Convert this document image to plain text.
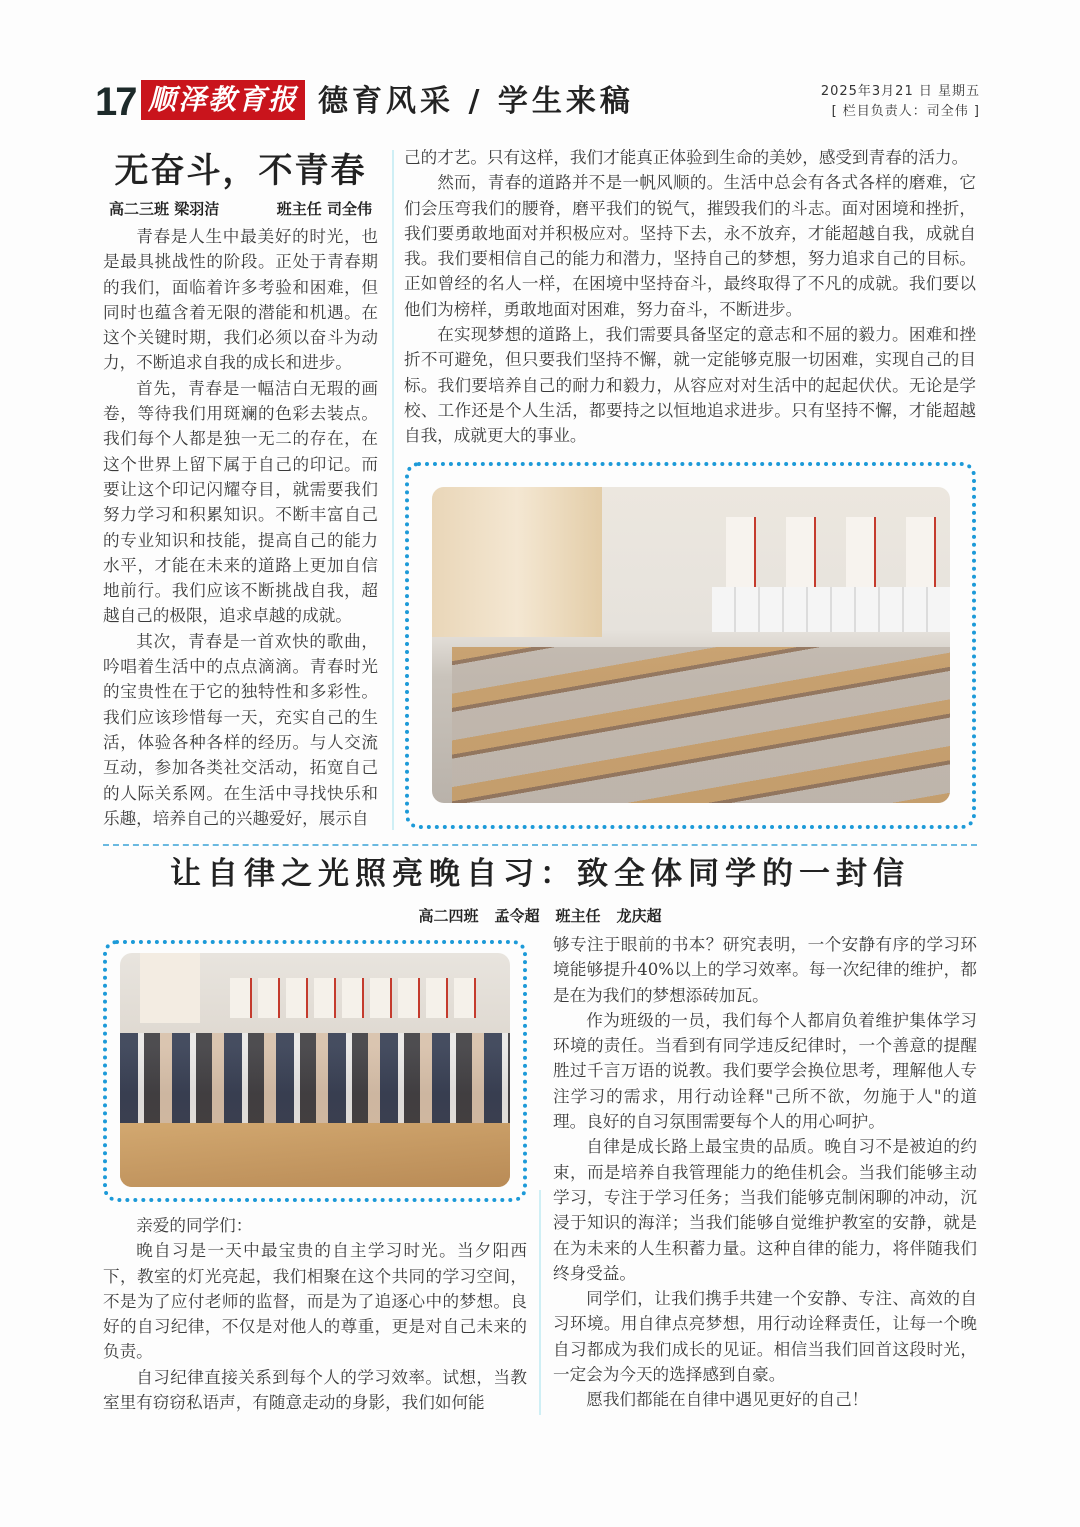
17 顺泽教育报 德育风采 / 学生来稿	2025年3月21 日 星期五
[ 栏目负责人：司全伟 ]
无奋斗，不青春
高二三班 梁羽洁	班主任 司全伟

青春是人生中最美好的时光，也是最具挑战性的阶段。正处于青春期的我们，面临着许多考验和困难，但同时也蕴含着无限的潜能和机遇。在这个关键时期，我们必须以奋斗为动力，不断追求自我的成长和进步。

首先，青春是一幅洁白无瑕的画卷，等待我们用斑斓的色彩去装点。我们每个人都是独一无二的存在，在这个世界上留下属于自己的印记。而要让这个印记闪耀夺目，就需要我们努力学习和积累知识。不断丰富自己的专业知识和技能，提高自己的能力水平，才能在未来的道路上更加自信地前行。我们应该不断挑战自我，超越自己的极限，追求卓越的成就。

其次，青春是一首欢快的歌曲，吟唱着生活中的点点滴滴。青春时光的宝贵性在于它的独特性和多彩性。我们应该珍惜每一天，充实自己的生活，体验各种各样的经历。与人交流互动，参加各类社交活动，拓宽自己的人际关系网。在生活中寻找快乐和乐趣，培养自己的兴趣爱好，展示自

己的才艺。只有这样，我们才能真正体验到生命的美妙，感受到青春的活力。

然而，青春的道路并不是一帆风顺的。生活中总会有各式各样的磨难，它们会压弯我们的腰脊，磨平我们的锐气，摧毁我们的斗志。面对困境和挫折，我们要勇敢地面对并积极应对。坚持下去，永不放弃，才能超越自我，成就自我。我们要相信自己的能力和潜力，坚持自己的梦想，努力追求自己的目标。正如曾经的名人一样，在困境中坚持奋斗，最终取得了不凡的成就。我们要以他们为榜样，勇敢地面对困难，努力奋斗，不断进步。

在实现梦想的道路上，我们需要具备坚定的意志和不屈的毅力。困难和挫折不可避免，但只要我们坚持不懈，就一定能够克服一切困难，实现自己的目标。我们要培养自己的耐力和毅力，从容应对对生活中的起起伏伏。无论是学校、工作还是个人生活，都要持之以恒地追求进步。只有坚持不懈，才能超越自我，成就更大的事业。

让自律之光照亮晚自习：致全体同学的一封信
高二四班 孟令超 班主任 龙庆超

亲爱的同学们：

晚自习是一天中最宝贵的自主学习时光。当夕阳西下，教室的灯光亮起，我们相聚在这个共同的学习空间，不是为了应付老师的监督，而是为了追逐心中的梦想。良好的自习纪律，不仅是对他人的尊重，更是对自己未来的负责。

自习纪律直接关系到每个人的学习效率。试想，当教室里有窃窃私语声，有随意走动的身影，我们如何能

够专注于眼前的书本？研究表明，一个安静有序的学习环境能够提升40%以上的学习效率。每一次纪律的维护，都是在为我们的梦想添砖加瓦。

作为班级的一员，我们每个人都肩负着维护集体学习环境的责任。当看到有同学违反纪律时，一个善意的提醒胜过千言万语的说教。我们要学会换位思考，理解他人专注学习的需求，用行动诠释"己所不欲，勿施于人"的道理。良好的自习氛围需要每个人的用心呵护。

自律是成长路上最宝贵的品质。晚自习不是被迫的约束，而是培养自我管理能力的绝佳机会。当我们能够主动学习，专注于学习任务；当我们能够克制闲聊的冲动，沉浸于知识的海洋；当我们能够自觉维护教室的安静，就是在为未来的人生积蓄力量。这种自律的能力，将伴随我们终身受益。

同学们，让我们携手共建一个安静、专注、高效的自习环境。用自律点亮梦想，用行动诠释责任，让每一个晚自习都成为我们成长的见证。相信当我们回首这段时光，一定会为今天的选择感到自豪。

愿我们都能在自律中遇见更好的自己！
